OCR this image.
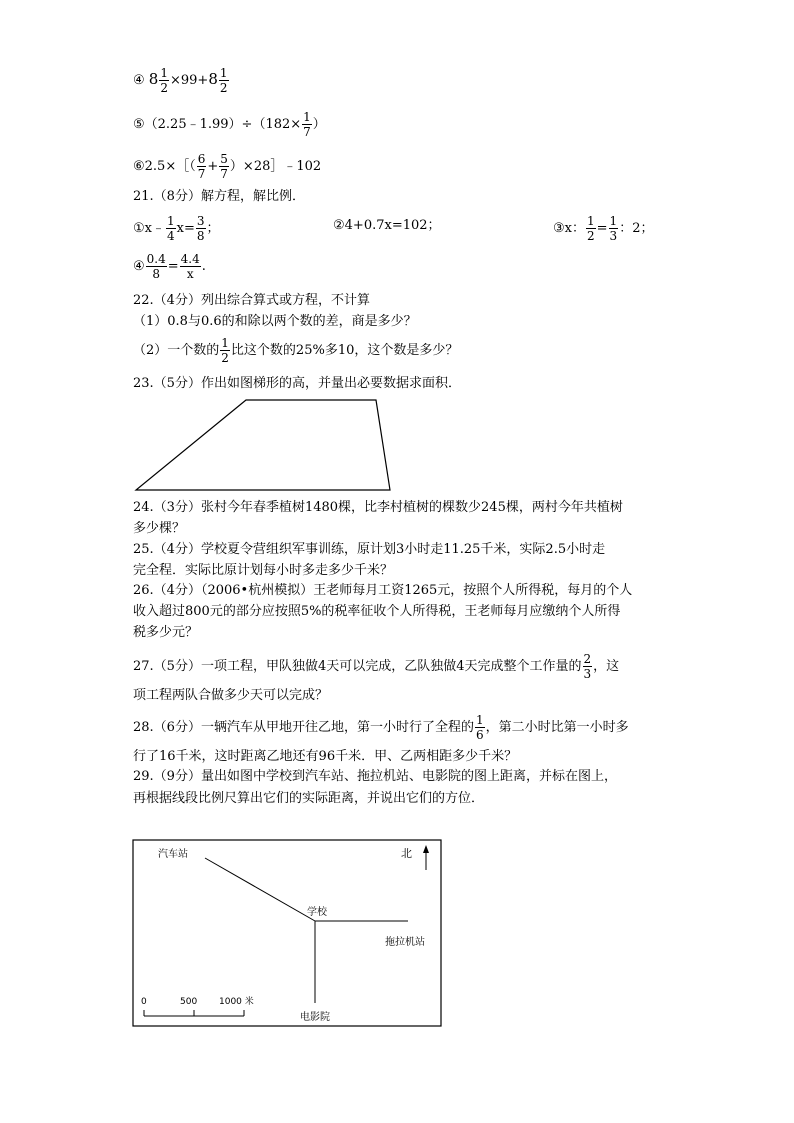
④ $8 \frac{1}{2} \times 99+8 \frac{1}{2}$
⑤（2.25﹣1.99）÷（182× $\frac{1}{7}$ ）
⑥2.5×［（ $\frac{6}{7} + \frac{5}{7}$ ）×28］﹣102
21.（8分）解方程，解比例．
①x﹣ $\frac{1}{4} x= \frac{3}{8}$ ；	②4+0.7x=102；	③x： $\frac{1}{2} = \frac{1}{3}$ ：2；
④ $\frac{0.4}{8} = \frac{4.4}{x}$ .
22.（4分）列出综合算式或方程，不计算
（1）0.8与0.6的和除以两个数的差，商是多少？
（2）一个数的 $\frac{1}{2}$ 比这个数的25%多10，这个数是多少？
23.（5分）作出如图梯形的高，并量出必要数据求面积．
24.（3分）张村今年春季植树1480棵，比李村植树的棵数少245棵，两村今年共植树
多少棵？
25.（4分）学校夏令营组织军事训练，原计划3小时走11.25千米，实际2.5小时走
完全程．实际比原计划每小时多走多少千米？
26.（4分）（2006•杭州模拟）王老师每月工资1265元，按照个人所得税，每月的个人
收入超过800元的部分应按照5%的税率征收个人所得税，王老师每月应缴纳个人所得
税多少元？
27.（5分）一项工程，甲队独做4天可以完成，乙队独做4天完成整个工作量的 $\frac{2}{3}$ ，这
项工程两队合做多少天可以完成？
28.（6分）一辆汽车从甲地开往乙地，第一小时行了全程的 $\frac{1}{6}$ ，第二小时比第一小时多
行了16千米，这时距离乙地还有96千米．甲、乙两相距多少千米？
29.（9分）量出如图中学校到汽车站、拖拉机站、电影院的图上距离，并标在图上，
再根据线段比例尺算出它们的实际距离，并说出它们的方位．
汽车站	北
学校
拖拉机站
电影院
0	500 1000 米
